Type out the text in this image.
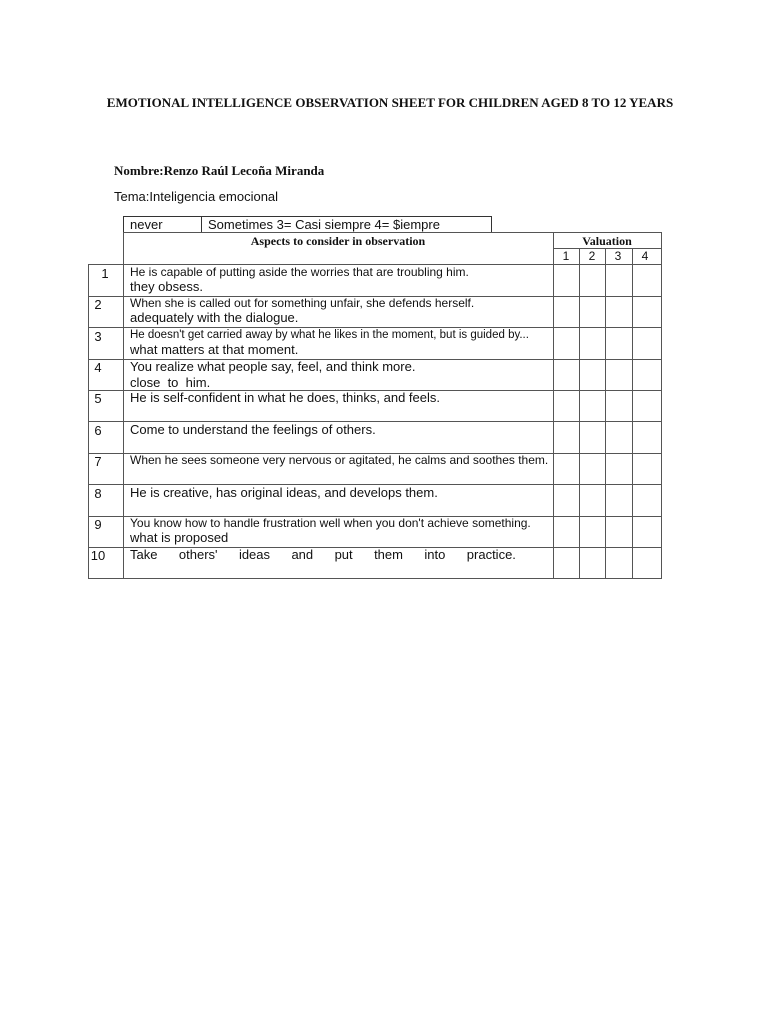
EMOTIONAL INTELLIGENCE OBSERVATION SHEET FOR CHILDREN AGED 8 TO 12 YEARS
Nombre:Renzo Raúl Lecoña Miranda
Tema:Inteligencia emocional
never	Sometimes 3= Casi siempre 4= $iempre
Aspects to consider in observation	Valuation
1	2	3	4
1	He is capable of putting aside the worries that are troubling him.
they obsess.
2	When she is called out for something unfair, she defends herself.
adequately with the dialogue.
3	He doesn't get carried away by what he likes in the moment, but is guided by...
what matters at that moment.
4	You realize what people say, feel, and think more.
close  to  him.
5	He is self-confident in what he does, thinks, and feels.
6	Come to understand the feelings of others.
7	When he sees someone very nervous or agitated, he calms and soothes them.
8	He is creative, has original ideas, and develops them.
9	You know how to handle frustration well when you don't achieve something.
what is proposed
10 Take others' ideas and put them into practice.
